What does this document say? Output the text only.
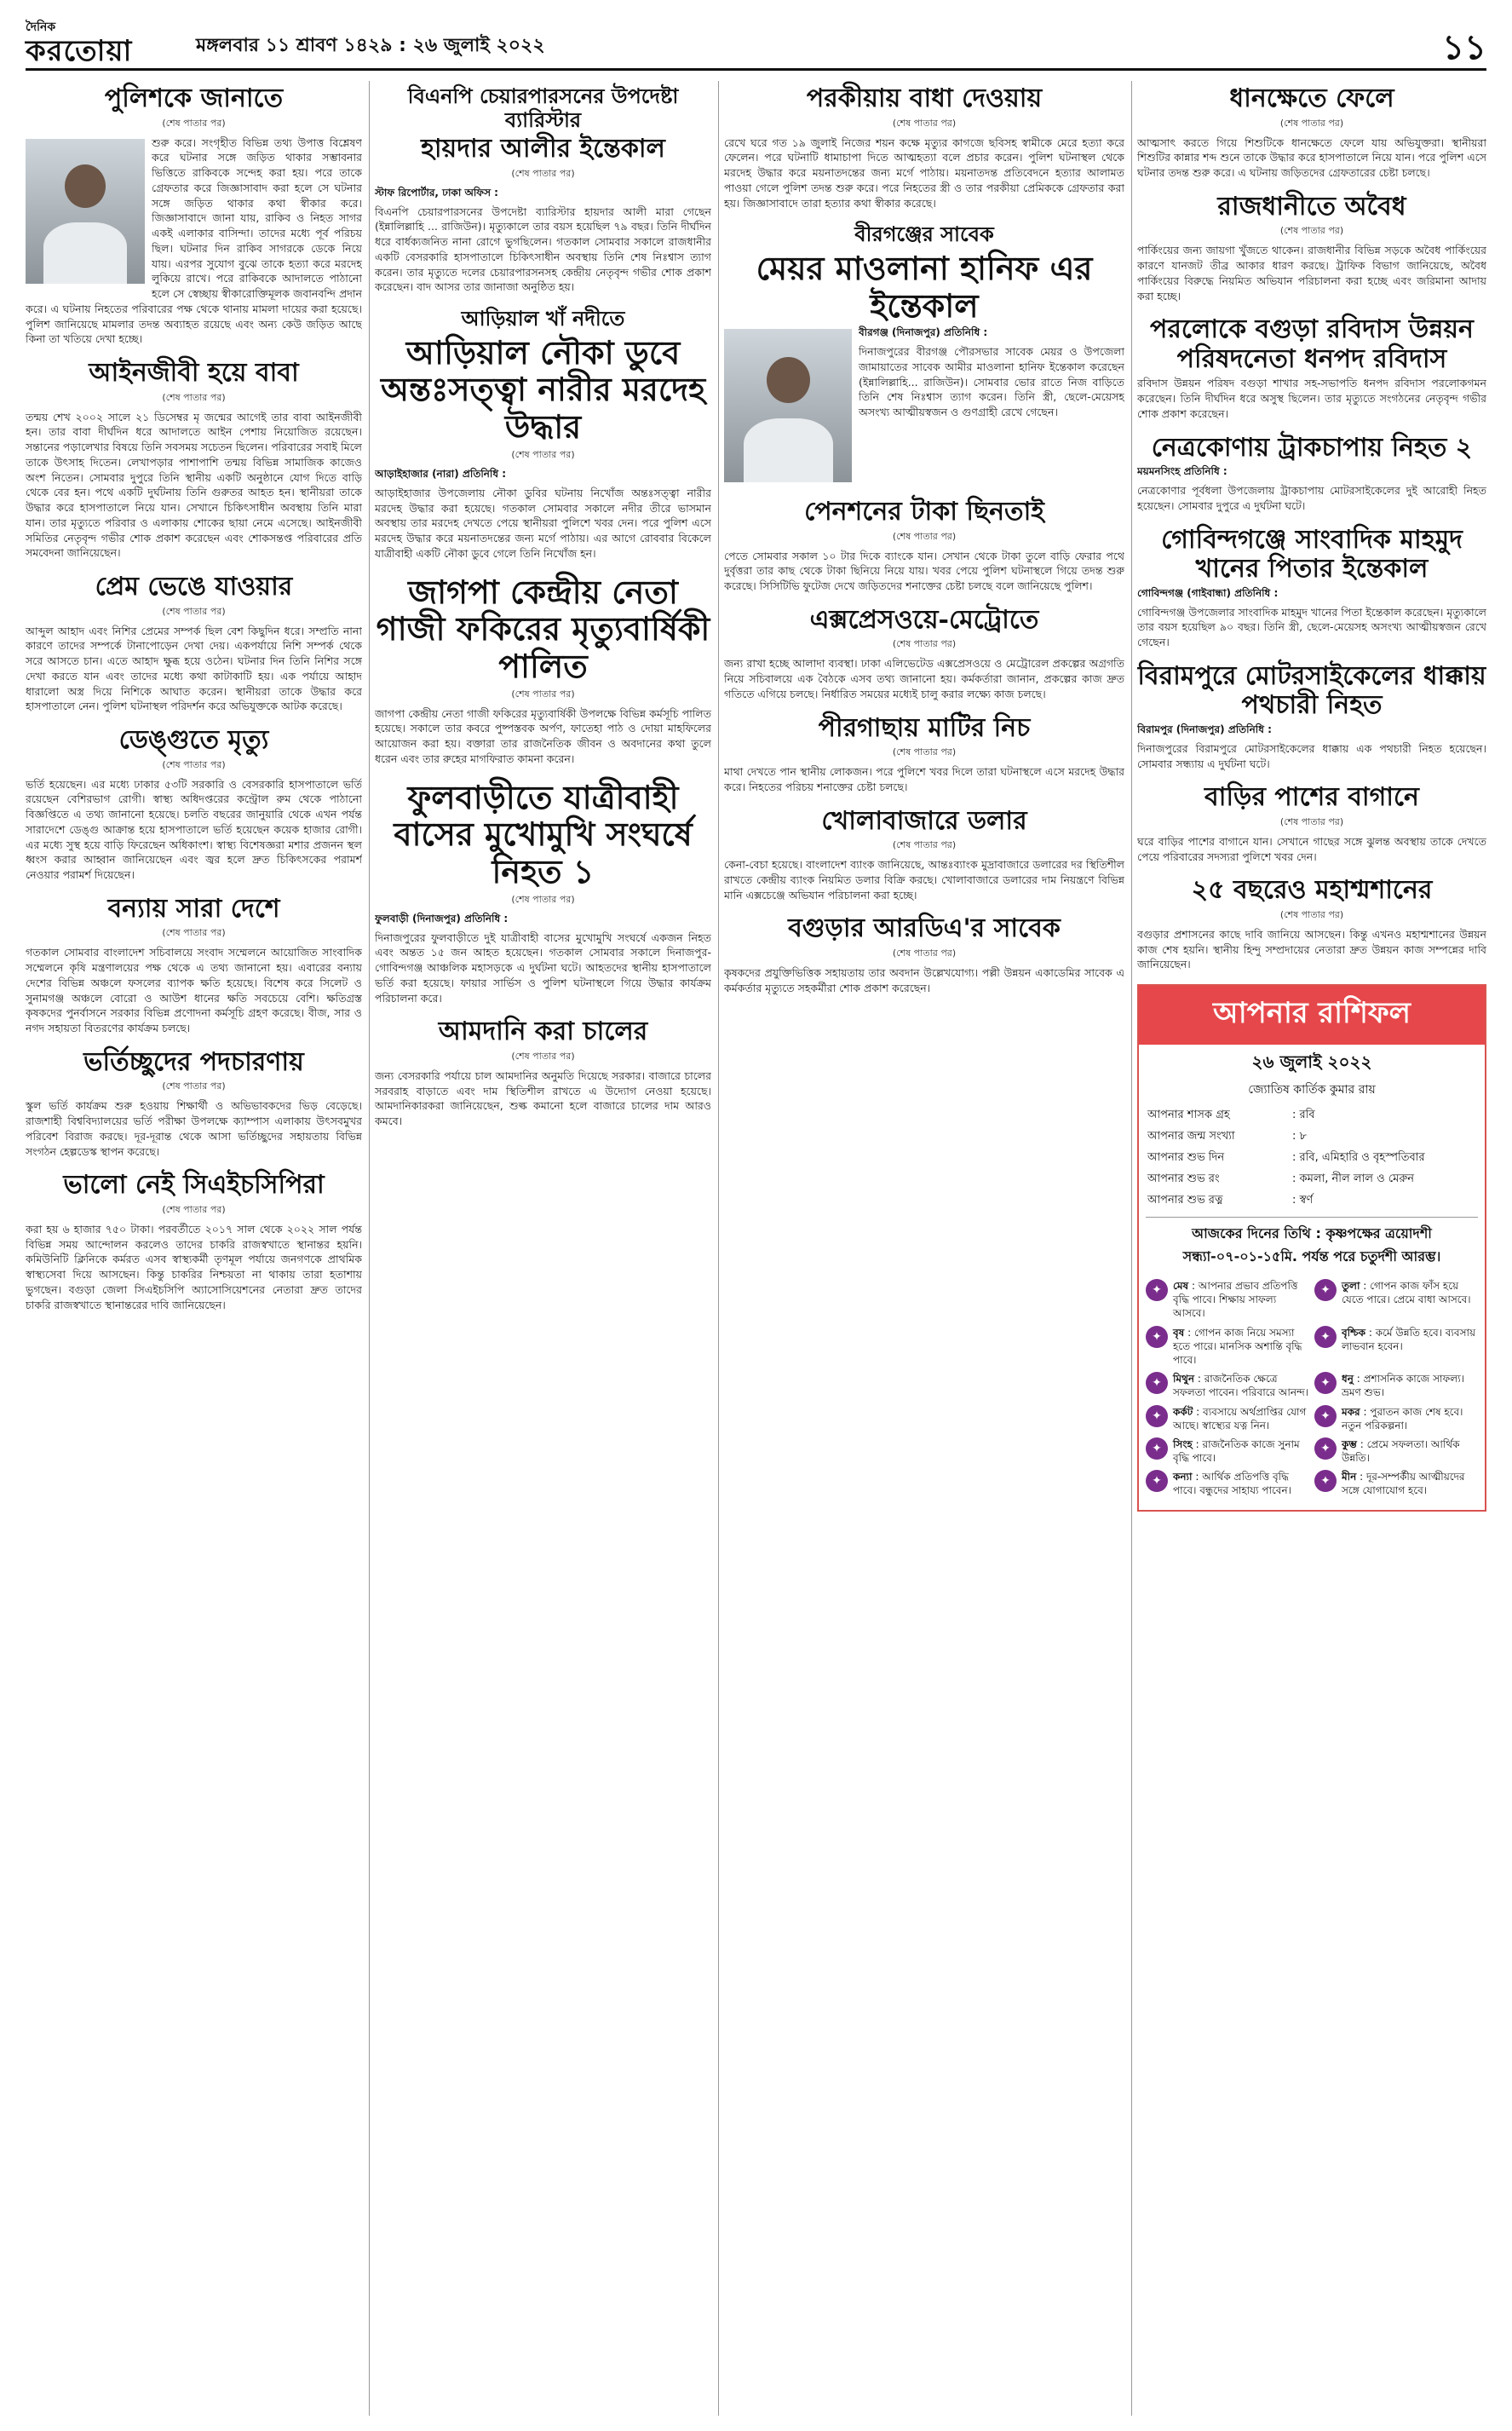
দৈনিক
করতোয়া	মঙ্গলবার ১১ শ্রাবণ ১৪২৯ : ২৬ জুলাই ২০২২	১১
পুলিশকে জানাতে
(শেষ পাতার পর)

শুরু করে। সংগৃহীত বিভিন্ন তথ্য উপাত্ত বিশ্লেষণ করে ঘটনার সঙ্গে জড়িত থাকার সম্ভাবনার ভিত্তিতে রাকিবকে সন্দেহ করা হয়। পরে তাকে গ্রেফতার করে জিজ্ঞাসাবাদ করা হলে সে ঘটনার সঙ্গে জড়িত থাকার কথা স্বীকার করে। জিজ্ঞাসাবাদে জানা যায়, রাকিব ও নিহত সাগর একই এলাকার বাসিন্দা। তাদের মধ্যে পূর্ব পরিচয় ছিল। ঘটনার দিন রাকিব সাগরকে ডেকে নিয়ে যায়। এরপর সুযোগ বুঝে তাকে হত্যা করে মরদেহ লুকিয়ে রাখে। পরে রাকিবকে আদালতে পাঠানো হলে সে স্বেচ্ছায় স্বীকারোক্তিমূলক জবানবন্দি প্রদান করে। এ ঘটনায় নিহতের পরিবারের পক্ষ থেকে থানায় মামলা দায়ের করা হয়েছে। পুলিশ জানিয়েছে মামলার তদন্ত অব্যাহত রয়েছে এবং অন্য কেউ জড়িত আছে কিনা তা খতিয়ে দেখা হচ্ছে।

আইনজীবী হয়ে বাবা
(শেষ পাতার পর)

তন্ময় শেখ ২০০২ সালে ২১ ডিসেম্বর মৃ জন্মের আগেই তার বাবা আইনজীবী হন। তার বাবা দীর্ঘদিন ধরে আদালতে আইন পেশায় নিয়োজিত রয়েছেন। সন্তানের পড়ালেখার বিষয়ে তিনি সবসময় সচেতন ছিলেন। পরিবারের সবাই মিলে তাকে উৎসাহ দিতেন। লেখাপড়ার পাশাপাশি তন্ময় বিভিন্ন সামাজিক কাজেও অংশ নিতেন। সোমবার দুপুরে তিনি স্থানীয় একটি অনুষ্ঠানে যোগ দিতে বাড়ি থেকে বের হন। পথে একটি দুর্ঘটনায় তিনি গুরুতর আহত হন। স্থানীয়রা তাকে উদ্ধার করে হাসপাতালে নিয়ে যান। সেখানে চিকিৎসাধীন অবস্থায় তিনি মারা যান। তার মৃত্যুতে পরিবার ও এলাকায় শোকের ছায়া নেমে এসেছে। আইনজীবী সমিতির নেতৃবৃন্দ গভীর শোক প্রকাশ করেছেন এবং শোকসন্তপ্ত পরিবারের প্রতি সমবেদনা জানিয়েছেন।

প্রেম ভেঙে যাওয়ার
(শেষ পাতার পর)

আব্দুল আহাদ এবং নিশির প্রেমের সম্পর্ক ছিল বেশ কিছুদিন ধরে। সম্প্রতি নানা কারণে তাদের সম্পর্কে টানাপোড়েন দেখা দেয়। একপর্যায়ে নিশি সম্পর্ক থেকে সরে আসতে চান। এতে আহাদ ক্ষুব্ধ হয়ে ওঠেন। ঘটনার দিন তিনি নিশির সঙ্গে দেখা করতে যান এবং তাদের মধ্যে কথা কাটাকাটি হয়। এক পর্যায়ে আহাদ ধারালো অস্ত্র দিয়ে নিশিকে আঘাত করেন। স্থানীয়রা তাকে উদ্ধার করে হাসপাতালে নেন। পুলিশ ঘটনাস্থল পরিদর্শন করে অভিযুক্তকে আটক করেছে।

ডেঙ্গুতে মৃত্যু
(শেষ পাতার পর)

ভর্তি হয়েছেন। এর মধ্যে ঢাকার ৫৩টি সরকারি ও বেসরকারি হাসপাতালে ভর্তি রয়েছেন বেশিরভাগ রোগী। স্বাস্থ্য অধিদপ্তরের কন্ট্রোল রুম থেকে পাঠানো বিজ্ঞপ্তিতে এ তথ্য জানানো হয়েছে। চলতি বছরের জানুয়ারি থেকে এখন পর্যন্ত সারাদেশে ডেঙ্গু আক্রান্ত হয়ে হাসপাতালে ভর্তি হয়েছেন কয়েক হাজার রোগী। এর মধ্যে সুস্থ হয়ে বাড়ি ফিরেছেন অধিকাংশ। স্বাস্থ্য বিশেষজ্ঞরা মশার প্রজনন স্থল ধ্বংস করার আহ্বান জানিয়েছেন এবং জ্বর হলে দ্রুত চিকিৎসকের পরামর্শ নেওয়ার পরামর্শ দিয়েছেন।

বন্যায় সারা দেশে
(শেষ পাতার পর)

গতকাল সোমবার বাংলাদেশ সচিবালয়ে সংবাদ সম্মেলনে আয়োজিত সাংবাদিক সম্মেলনে কৃষি মন্ত্রণালয়ের পক্ষ থেকে এ তথ্য জানানো হয়। এবারের বন্যায় দেশের বিভিন্ন অঞ্চলে ফসলের ব্যাপক ক্ষতি হয়েছে। বিশেষ করে সিলেট ও সুনামগঞ্জ অঞ্চলে বোরো ও আউশ ধানের ক্ষতি সবচেয়ে বেশি। ক্ষতিগ্রস্ত কৃষকদের পুনর্বাসনে সরকার বিভিন্ন প্রণোদনা কর্মসূচি গ্রহণ করেছে। বীজ, সার ও নগদ সহায়তা বিতরণের কার্যক্রম চলছে।

ভর্তিচ্ছুদের পদচারণায়
(শেষ পাতার পর)

স্কুল ভর্তি কার্যক্রম শুরু হওয়ায় শিক্ষার্থী ও অভিভাবকদের ভিড় বেড়েছে। রাজশাহী বিশ্ববিদ্যালয়ের ভর্তি পরীক্ষা উপলক্ষে ক্যাম্পাস এলাকায় উৎসবমুখর পরিবেশ বিরাজ করছে। দূর-দূরান্ত থেকে আসা ভর্তিচ্ছুদের সহায়তায় বিভিন্ন সংগঠন হেল্পডেস্ক স্থাপন করেছে।

ভালো নেই সিএইচসিপিরা
(শেষ পাতার পর)

করা হয় ৬ হাজার ৭৫০ টাকা। পরবর্তীতে ২০১৭ সাল থেকে ২০২২ সাল পর্যন্ত বিভিন্ন সময় আন্দোলন করলেও তাদের চাকরি রাজস্বখাতে স্থানান্তর হয়নি। কমিউনিটি ক্লিনিকে কর্মরত এসব স্বাস্থ্যকর্মী তৃণমূল পর্যায়ে জনগণকে প্রাথমিক স্বাস্থ্যসেবা দিয়ে আসছেন। কিন্তু চাকরির নিশ্চয়তা না থাকায় তারা হতাশায় ভুগছেন। বগুড়া জেলা সিএইচসিপি অ্যাসোসিয়েশনের নেতারা দ্রুত তাদের চাকরি রাজস্বখাতে স্থানান্তরের দাবি জানিয়েছেন।

বিএনপি চেয়ারপারসনের উপদেষ্টা ব্যারিস্টার
হায়দার আলীর ইন্তেকাল
(শেষ পাতার পর)
স্টাফ রিপোর্টার, ঢাকা অফিস :

বিএনপি চেয়ারপারসনের উপদেষ্টা ব্যারিস্টার হায়দার আলী মারা গেছেন (ইন্নালিল্লাহি ... রাজিউন)। মৃত্যুকালে তার বয়স হয়েছিল ৭৯ বছর। তিনি দীর্ঘদিন ধরে বার্ধক্যজনিত নানা রোগে ভুগছিলেন। গতকাল সোমবার সকালে রাজধানীর একটি বেসরকারি হাসপাতালে চিকিৎসাধীন অবস্থায় তিনি শেষ নিঃশ্বাস ত্যাগ করেন। তার মৃত্যুতে দলের চেয়ারপারসনসহ কেন্দ্রীয় নেতৃবৃন্দ গভীর শোক প্রকাশ করেছেন। বাদ আসর তার জানাজা অনুষ্ঠিত হয়।

আড়িয়াল খাঁ নদীতে
আড়িয়াল নৌকা ডুবে অন্তঃসত্ত্বা নারীর মরদেহ উদ্ধার
(শেষ পাতার পর)
আড়াইহাজার (নারা) প্রতিনিধি :

আড়াইহাজার উপজেলায় নৌকা ডুবির ঘটনায় নিখোঁজ অন্তঃসত্ত্বা নারীর মরদেহ উদ্ধার করা হয়েছে। গতকাল সোমবার সকালে নদীর তীরে ভাসমান অবস্থায় তার মরদেহ দেখতে পেয়ে স্থানীয়রা পুলিশে খবর দেন। পরে পুলিশ এসে মরদেহ উদ্ধার করে ময়নাতদন্তের জন্য মর্গে পাঠায়। এর আগে রোববার বিকেলে যাত্রীবাহী একটি নৌকা ডুবে গেলে তিনি নিখোঁজ হন।

জাগপা কেন্দ্রীয় নেতা গাজী ফকিরের মৃত্যুবার্ষিকী পালিত
(শেষ পাতার পর)

জাগপা কেন্দ্রীয় নেতা গাজী ফকিরের মৃত্যুবার্ষিকী উপলক্ষে বিভিন্ন কর্মসূচি পালিত হয়েছে। সকালে তার কবরে পুষ্পস্তবক অর্পণ, ফাতেহা পাঠ ও দোয়া মাহফিলের আয়োজন করা হয়। বক্তারা তার রাজনৈতিক জীবন ও অবদানের কথা তুলে ধরেন এবং তার রুহের মাগফিরাত কামনা করেন।

ফুলবাড়ীতে যাত্রীবাহী বাসের মুখোমুখি সংঘর্ষে নিহত ১
(শেষ পাতার পর)
ফুলবাড়ী (দিনাজপুর) প্রতিনিধি :

দিনাজপুরের ফুলবাড়ীতে দুই যাত্রীবাহী বাসের মুখোমুখি সংঘর্ষে একজন নিহত এবং অন্তত ১৫ জন আহত হয়েছেন। গতকাল সোমবার সকালে দিনাজপুর-গোবিন্দগঞ্জ আঞ্চলিক মহাসড়কে এ দুর্ঘটনা ঘটে। আহতদের স্থানীয় হাসপাতালে ভর্তি করা হয়েছে। ফায়ার সার্ভিস ও পুলিশ ঘটনাস্থলে গিয়ে উদ্ধার কার্যক্রম পরিচালনা করে।

আমদানি করা চালের
(শেষ পাতার পর)

জন্য বেসরকারি পর্যায়ে চাল আমদানির অনুমতি দিয়েছে সরকার। বাজারে চালের সরবরাহ বাড়াতে এবং দাম স্থিতিশীল রাখতে এ উদ্যোগ নেওয়া হয়েছে। আমদানিকারকরা জানিয়েছেন, শুল্ক কমানো হলে বাজারে চালের দাম আরও কমবে।

পরকীয়ায় বাধা দেওয়ায়
(শেষ পাতার পর)

রেখে ঘরে গত ১৯ জুলাই নিজের শয়ন কক্ষে মৃত্যুর কাগজে ছবিসহ স্বামীকে মেরে হত্যা করে ফেলেন। পরে ঘটনাটি ধামাচাপা দিতে আত্মহত্যা বলে প্রচার করেন। পুলিশ ঘটনাস্থল থেকে মরদেহ উদ্ধার করে ময়নাতদন্তের জন্য মর্গে পাঠায়। ময়নাতদন্ত প্রতিবেদনে হত্যার আলামত পাওয়া গেলে পুলিশ তদন্ত শুরু করে। পরে নিহতের স্ত্রী ও তার পরকীয়া প্রেমিককে গ্রেফতার করা হয়। জিজ্ঞাসাবাদে তারা হত্যার কথা স্বীকার করেছে।

বীরগঞ্জের সাবেক
মেয়র মাওলানা হানিফ এর ইন্তেকাল
বীরগঞ্জ (দিনাজপুর) প্রতিনিধি :

দিনাজপুরের বীরগঞ্জ পৌরসভার সাবেক মেয়র ও উপজেলা জামায়াতের সাবেক আমীর মাওলানা হানিফ ইন্তেকাল করেছেন (ইন্নালিল্লাহি... রাজিউন)। সোমবার ভোর রাতে নিজ বাড়িতে তিনি শেষ নিঃশ্বাস ত্যাগ করেন। তিনি স্ত্রী, ছেলে-মেয়েসহ অসংখ্য আত্মীয়স্বজন ও গুণগ্রাহী রেখে গেছেন।

পেনশনের টাকা ছিনতাই
(শেষ পাতার পর)

পেতে সোমবার সকাল ১০ টার দিকে ব্যাংকে যান। সেখান থেকে টাকা তুলে বাড়ি ফেরার পথে দুর্বৃত্তরা তার কাছ থেকে টাকা ছিনিয়ে নিয়ে যায়। খবর পেয়ে পুলিশ ঘটনাস্থলে গিয়ে তদন্ত শুরু করেছে। সিসিটিভি ফুটেজ দেখে জড়িতদের শনাক্তের চেষ্টা চলছে বলে জানিয়েছে পুলিশ।

এক্সপ্রেসওয়ে-মেট্রোতে
(শেষ পাতার পর)

জন্য রাখা হচ্ছে আলাদা ব্যবস্থা। ঢাকা এলিভেটেড এক্সপ্রেসওয়ে ও মেট্রোরেল প্রকল্পের অগ্রগতি নিয়ে সচিবালয়ে এক বৈঠকে এসব তথ্য জানানো হয়। কর্মকর্তারা জানান, প্রকল্পের কাজ দ্রুত গতিতে এগিয়ে চলছে। নির্ধারিত সময়ের মধ্যেই চালু করার লক্ষ্যে কাজ চলছে।

পীরগাছায় মাটির নিচ
(শেষ পাতার পর)

মাথা দেখতে পান স্থানীয় লোকজন। পরে পুলিশে খবর দিলে তারা ঘটনাস্থলে এসে মরদেহ উদ্ধার করে। নিহতের পরিচয় শনাক্তের চেষ্টা চলছে।

খোলাবাজারে ডলার
(শেষ পাতার পর)

কেনা-বেচা হয়েছে। বাংলাদেশ ব্যাংক জানিয়েছে, আন্তঃব্যাংক মুদ্রাবাজারে ডলারের দর স্থিতিশীল রাখতে কেন্দ্রীয় ব্যাংক নিয়মিত ডলার বিক্রি করছে। খোলাবাজারে ডলারের দাম নিয়ন্ত্রণে বিভিন্ন মানি এক্সচেঞ্জে অভিযান পরিচালনা করা হচ্ছে।

বগুড়ার আরডিএ'র সাবেক
(শেষ পাতার পর)

কৃষকদের প্রযুক্তিভিত্তিক সহায়তায় তার অবদান উল্লেখযোগ্য। পল্লী উন্নয়ন একাডেমির সাবেক এ কর্মকর্তার মৃত্যুতে সহকর্মীরা শোক প্রকাশ করেছেন।

ধানক্ষেতে ফেলে
(শেষ পাতার পর)

আত্মসাৎ করতে গিয়ে শিশুটিকে ধানক্ষেতে ফেলে যায় অভিযুক্তরা। স্থানীয়রা শিশুটির কান্নার শব্দ শুনে তাকে উদ্ধার করে হাসপাতালে নিয়ে যান। পরে পুলিশ এসে ঘটনার তদন্ত শুরু করে। এ ঘটনায় জড়িতদের গ্রেফতারের চেষ্টা চলছে।

রাজধানীতে অবৈধ
(শেষ পাতার পর)

পার্কিংয়ের জন্য জায়গা খুঁজতে থাকেন। রাজধানীর বিভিন্ন সড়কে অবৈধ পার্কিংয়ের কারণে যানজট তীব্র আকার ধারণ করছে। ট্রাফিক বিভাগ জানিয়েছে, অবৈধ পার্কিংয়ের বিরুদ্ধে নিয়মিত অভিযান পরিচালনা করা হচ্ছে এবং জরিমানা আদায় করা হচ্ছে।

পরলোকে বগুড়া রবিদাস উন্নয়ন পরিষদনেতা ধনপদ রবিদাস

রবিদাস উন্নয়ন পরিষদ বগুড়া শাখার সহ-সভাপতি ধনপদ রবিদাস পরলোকগমন করেছেন। তিনি দীর্ঘদিন ধরে অসুস্থ ছিলেন। তার মৃত্যুতে সংগঠনের নেতৃবৃন্দ গভীর শোক প্রকাশ করেছেন।

নেত্রকোণায় ট্রাকচাপায় নিহত ২
ময়মনসিংহ প্রতিনিধি :

নেত্রকোণার পূর্বধলা উপজেলায় ট্রাকচাপায় মোটরসাইকেলের দুই আরোহী নিহত হয়েছেন। সোমবার দুপুরে এ দুর্ঘটনা ঘটে।

গোবিন্দগঞ্জে সাংবাদিক মাহমুদ খানের পিতার ইন্তেকাল
গোবিন্দগঞ্জ (গাইবান্ধা) প্রতিনিধি :

গোবিন্দগঞ্জ উপজেলার সাংবাদিক মাহমুদ খানের পিতা ইন্তেকাল করেছেন। মৃত্যুকালে তার বয়স হয়েছিল ৯০ বছর। তিনি স্ত্রী, ছেলে-মেয়েসহ অসংখ্য আত্মীয়স্বজন রেখে গেছেন।

বিরামপুরে মোটরসাইকেলের ধাক্কায় পথচারী নিহত
বিরামপুর (দিনাজপুর) প্রতিনিধি :

দিনাজপুরের বিরামপুরে মোটরসাইকেলের ধাক্কায় এক পথচারী নিহত হয়েছেন। সোমবার সন্ধ্যায় এ দুর্ঘটনা ঘটে।

বাড়ির পাশের বাগানে
(শেষ পাতার পর)

ঘরে বাড়ির পাশের বাগানে যান। সেখানে গাছের সঙ্গে ঝুলন্ত অবস্থায় তাকে দেখতে পেয়ে পরিবারের সদস্যরা পুলিশে খবর দেন।

২৫ বছরেও মহাশ্মশানের
(শেষ পাতার পর)

বগুড়ার প্রশাসনের কাছে দাবি জানিয়ে আসছেন। কিন্তু এখনও মহাশ্মশানের উন্নয়ন কাজ শেষ হয়নি। স্থানীয় হিন্দু সম্প্রদায়ের নেতারা দ্রুত উন্নয়ন কাজ সম্পন্নের দাবি জানিয়েছেন।

আপনার রাশিফল
২৬ জুলাই ২০২২
জ্যোতিষ কার্তিক কুমার রায়
আপনার শাসক গ্রহ	: রবি
আপনার জন্ম সংখ্যা	: ৮
আপনার শুভ দিন	: রবি, এমিহারি ও বৃহস্পতিবার
আপনার শুভ রং	: কমলা, নীল লাল ও মেরুন
আপনার শুভ রত্ন	: স্বর্ণ
আজকের দিনের তিথি : কৃষ্ণপক্ষের ত্রয়োদশী সন্ধ্যা-০৭-০১-১৫মি. পর্যন্ত পরে চতুর্দশী আরম্ভ।
✦	মেষ : আপনার প্রভাব প্রতিপত্তি বৃদ্ধি পাবে। শিক্ষায় সাফল্য আসবে।
✦	তুলা : গোপন কাজ ফাঁস হয়ে যেতে পারে। প্রেমে বাধা আসবে।
✦	বৃষ : গোপন কাজ নিয়ে সমস্যা হতে পারে। মানসিক অশান্তি বৃদ্ধি পাবে।
✦	বৃশ্চিক : কর্মে উন্নতি হবে। ব্যবসায় লাভবান হবেন।
✦	মিথুন : রাজনৈতিক ক্ষেত্রে সফলতা পাবেন। পরিবারে আনন্দ।
✦	ধনু : প্রশাসনিক কাজে সাফল্য। ভ্রমণ শুভ।
✦	কর্কট : ব্যবসায়ে অর্থপ্রাপ্তির যোগ আছে। স্বাস্থ্যের যত্ন নিন।
✦	মকর : পুরাতন কাজ শেষ হবে। নতুন পরিকল্পনা।
✦	সিংহ : রাজনৈতিক কাজে সুনাম বৃদ্ধি পাবে।
✦	কুম্ভ : প্রেমে সফলতা। আর্থিক উন্নতি।
✦	কন্যা : আর্থিক প্রতিপত্তি বৃদ্ধি পাবে। বন্ধুদের সাহায্য পাবেন।
✦	মীন : দূর-সম্পর্কীয় আত্মীয়দের সঙ্গে যোগাযোগ হবে।
